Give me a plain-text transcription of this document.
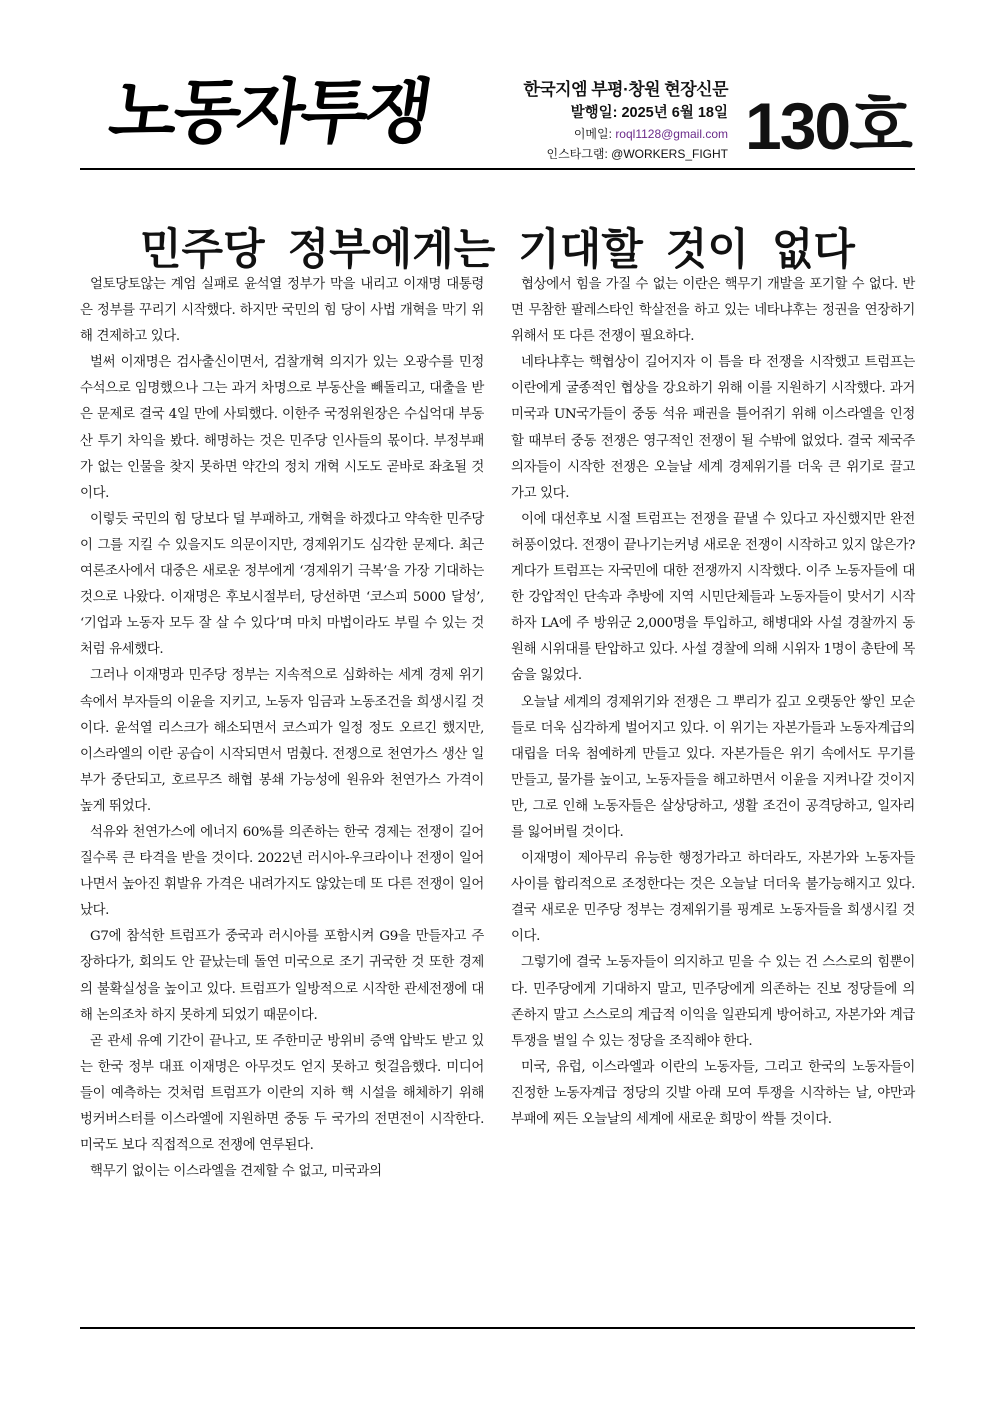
노동자투쟁	한국지엠 부평·창원 현장신문
발행일: 2025년 6월 18일
이메일: roql1128@gmail.com
인스타그램: @WORKERS_FIGHT 130호
민주당 정부에게는 기대할 것이 없다

얼토당토않는 계엄 실패로 윤석열 정부가 막을 내리고 이재명 대통령은 정부를 꾸리기 시작했다. 하지만 국민의 힘 당이 사법 개혁을 막기 위해 견제하고 있다.

벌써 이재명은 검사출신이면서, 검찰개혁 의지가 있는 오광수를 민정수석으로 임명했으나 그는 과거 차명으로 부동산을 빼돌리고, 대출을 받은 문제로 결국 4일 만에 사퇴했다. 이한주 국정위원장은 수십억대 부동산 투기 차익을 봤다. 해명하는 것은 민주당 인사들의 몫이다. 부정부패가 없는 인물을 찾지 못하면 약간의 정치 개혁 시도도 곧바로 좌초될 것이다.

이렇듯 국민의 힘 당보다 덜 부패하고, 개혁을 하겠다고 약속한 민주당이 그를 지킬 수 있을지도 의문이지만, 경제위기도 심각한 문제다. 최근 여론조사에서 대중은 새로운 정부에게 ‘경제위기 극복’을 가장 기대하는 것으로 나왔다. 이재명은 후보시절부터, 당선하면 ‘코스피 5000 달성’, ‘기업과 노동자 모두 잘 살 수 있다’며 마치 마법이라도 부릴 수 있는 것처럼 유세했다.

그러나 이재명과 민주당 정부는 지속적으로 심화하는 세계 경제 위기 속에서 부자들의 이윤을 지키고, 노동자 임금과 노동조건을 희생시킬 것이다. 윤석열 리스크가 해소되면서 코스피가 일정 정도 오르긴 했지만, 이스라엘의 이란 공습이 시작되면서 멈췄다. 전쟁으로 천연가스 생산 일부가 중단되고, 호르무즈 해협 봉쇄 가능성에 원유와 천연가스 가격이 높게 뛰었다.

석유와 천연가스에 에너지 60%를 의존하는 한국 경제는 전쟁이 길어질수록 큰 타격을 받을 것이다. 2022년 러시아-우크라이나 전쟁이 일어나면서 높아진 휘발유 가격은 내려가지도 않았는데 또 다른 전쟁이 일어났다.

G7에 참석한 트럼프가 중국과 러시아를 포함시켜 G9을 만들자고 주장하다가, 회의도 안 끝났는데 돌연 미국으로 조기 귀국한 것 또한 경제의 불확실성을 높이고 있다. 트럼프가 일방적으로 시작한 관세전쟁에 대해 논의조차 하지 못하게 되었기 때문이다.

곧 관세 유예 기간이 끝나고, 또 주한미군 방위비 증액 압박도 받고 있는 한국 정부 대표 이재명은 아무것도 얻지 못하고 헛걸음했다. 미디어들이 예측하는 것처럼 트럼프가 이란의 지하 핵 시설을 해체하기 위해 벙커버스터를 이스라엘에 지원하면 중동 두 국가의 전면전이 시작한다. 미국도 보다 직접적으로 전쟁에 연루된다.

핵무기 없이는 이스라엘을 견제할 수 없고, 미국과의

협상에서 힘을 가질 수 없는 이란은 핵무기 개발을 포기할 수 없다. 반면 무참한 팔레스타인 학살전을 하고 있는 네타냐후는 정권을 연장하기 위해서 또 다른 전쟁이 필요하다.

네타냐후는 핵협상이 길어지자 이 틈을 타 전쟁을 시작했고 트럼프는 이란에게 굴종적인 협상을 강요하기 위해 이를 지원하기 시작했다. 과거 미국과 UN국가들이 중동 석유 패권을 틀어쥐기 위해 이스라엘을 인정할 때부터 중동 전쟁은 영구적인 전쟁이 될 수밖에 없었다. 결국 제국주의자들이 시작한 전쟁은 오늘날 세계 경제위기를 더욱 큰 위기로 끌고 가고 있다.

이에 대선후보 시절 트럼프는 전쟁을 끝낼 수 있다고 자신했지만 완전 허풍이었다. 전쟁이 끝나기는커녕 새로운 전쟁이 시작하고 있지 않은가? 게다가 트럼프는 자국민에 대한 전쟁까지 시작했다. 이주 노동자들에 대한 강압적인 단속과 추방에 지역 시민단체들과 노동자들이 맞서기 시작하자 LA에 주 방위군 2,000명을 투입하고, 해병대와 사설 경찰까지 동원해 시위대를 탄압하고 있다. 사설 경찰에 의해 시위자 1명이 총탄에 목숨을 잃었다.

오늘날 세계의 경제위기와 전쟁은 그 뿌리가 깊고 오랫동안 쌓인 모순들로 더욱 심각하게 벌어지고 있다. 이 위기는 자본가들과 노동자계급의 대립을 더욱 첨예하게 만들고 있다. 자본가들은 위기 속에서도 무기를 만들고, 물가를 높이고, 노동자들을 해고하면서 이윤을 지켜나갈 것이지만, 그로 인해 노동자들은 살상당하고, 생활 조건이 공격당하고, 일자리를 잃어버릴 것이다.

이재명이 제아무리 유능한 행정가라고 하더라도, 자본가와 노동자들 사이를 합리적으로 조정한다는 것은 오늘날 더더욱 불가능해지고 있다. 결국 새로운 민주당 정부는 경제위기를 핑계로 노동자들을 희생시킬 것이다.

그렇기에 결국 노동자들이 의지하고 믿을 수 있는 건 스스로의 힘뿐이다. 민주당에게 기대하지 말고, 민주당에게 의존하는 진보 정당들에 의존하지 말고 스스로의 계급적 이익을 일관되게 방어하고, 자본가와 계급 투쟁을 벌일 수 있는 정당을 조직해야 한다.

미국, 유럽, 이스라엘과 이란의 노동자들, 그리고 한국의 노동자들이 진정한 노동자계급 정당의 깃발 아래 모여 투쟁을 시작하는 날, 야만과 부패에 찌든 오늘날의 세계에 새로운 희망이 싹틀 것이다.
